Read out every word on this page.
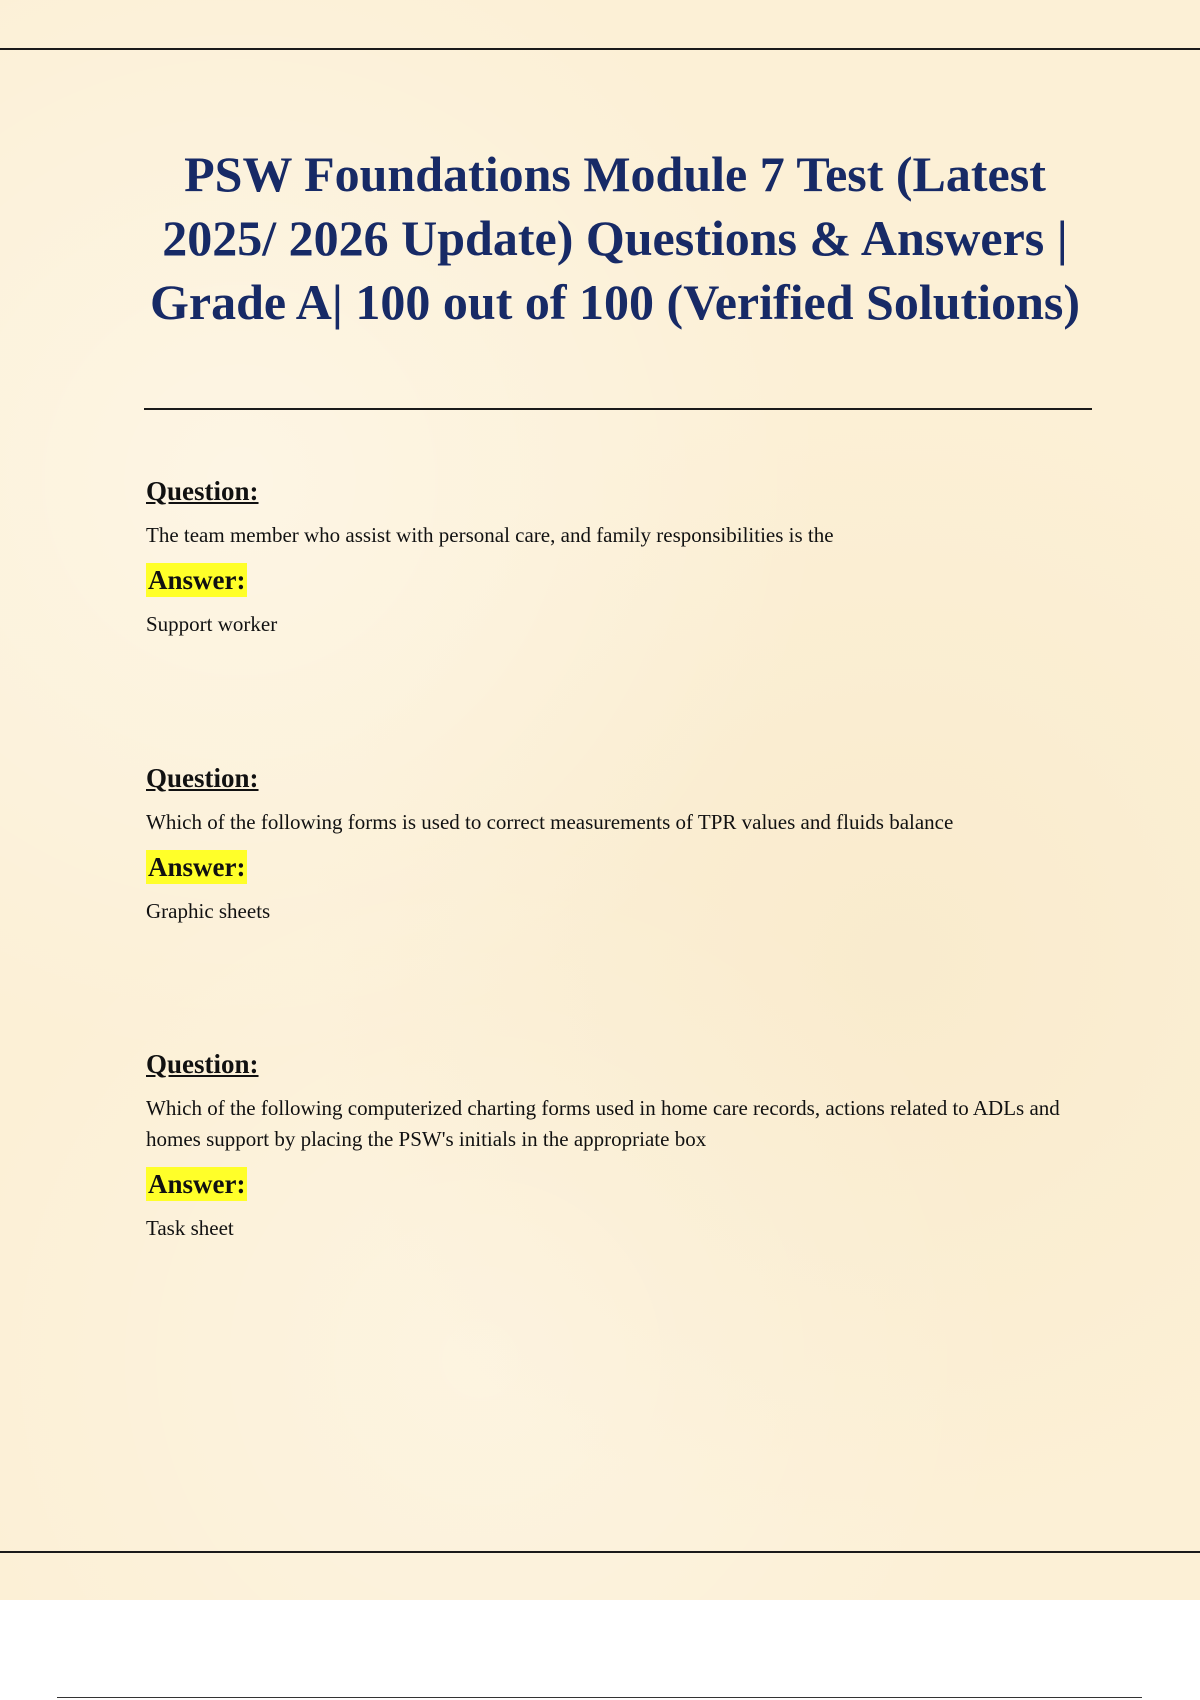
PSW Foundations Module 7 Test (Latest 2025/ 2026 Update) Questions & Answers | Grade A| 100 out of 100 (Verified Solutions)

Question:

The team member who assist with personal care, and family responsibilities is the

Answer:

Support worker

Question:

Which of the following forms is used to correct measurements of TPR values and fluids balance

Answer:

Graphic sheets

Question:

Which of the following computerized charting forms used in home care records, actions related to ADLs and homes support by placing the PSW's initials in the appropriate box

Answer:

Task sheet
